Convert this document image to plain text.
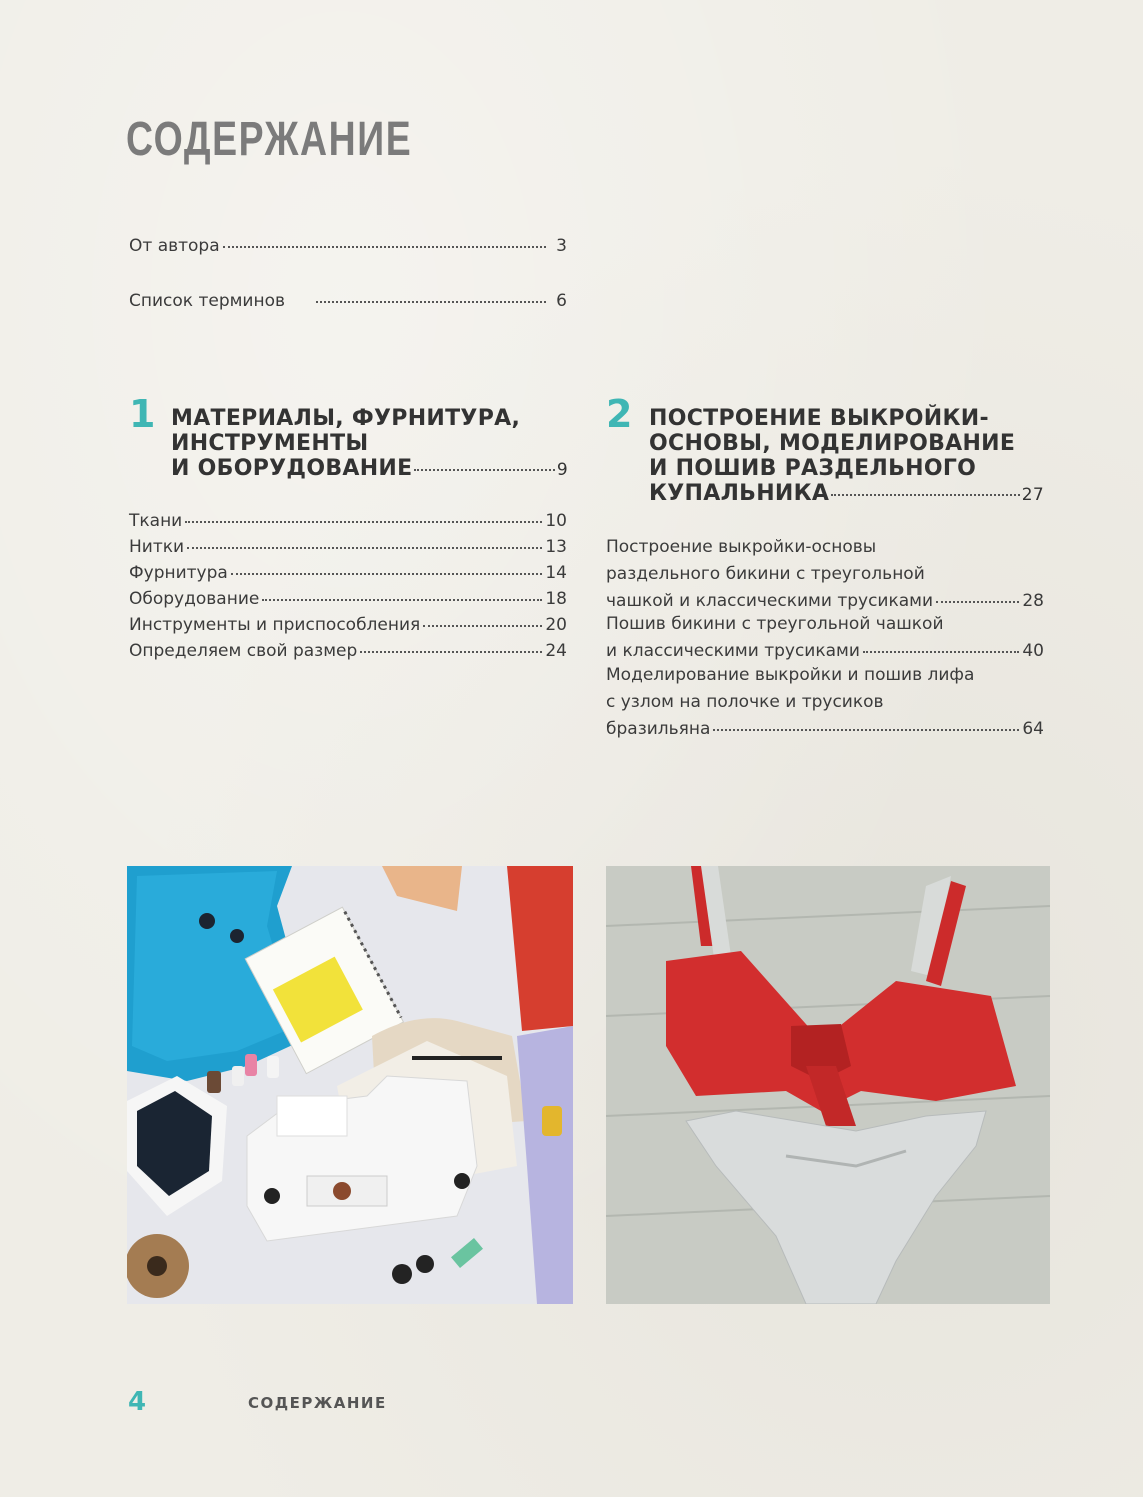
СОДЕРЖАНИЕ
От автора	3
Список терминов	6
1 МАТЕРИАЛЫ, ФУРНИТУРА,
ИНСТРУМЕНТЫ
И ОБОРУДОВАНИЕ	9
Ткани	10
Нитки	13
Фурнитура	14
Оборудование	18
Инструменты и приспособления	20
Определяем свой размер	24
2 ПОСТРОЕНИЕ ВЫКРОЙКИ-
ОСНОВЫ, МОДЕЛИРОВАНИЕ
И ПОШИВ РАЗДЕЛЬНОГО
КУПАЛЬНИКА	27
Построение выкройки-основы
раздельного бикини с треугольной
чашкой и классическими трусиками	28
Пошив бикини с треугольной чашкой
и классическими трусиками	40
Моделирование выкройки и пошив лифа
с узлом на полочке и трусиков
бразильяна	64
4	СОДЕРЖАНИЕ
